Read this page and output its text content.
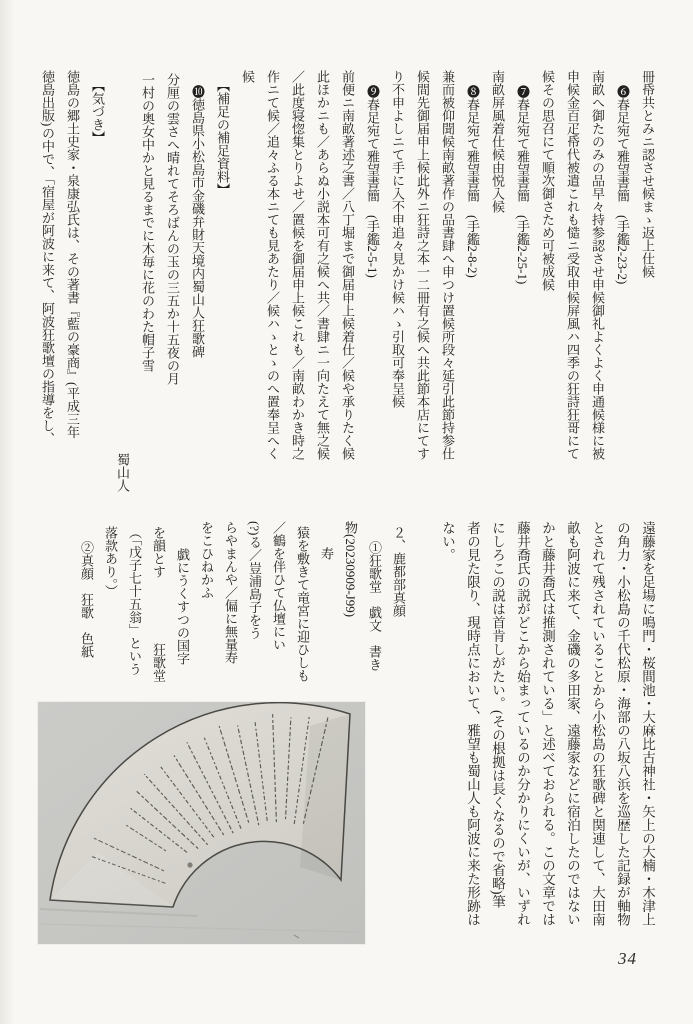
冊帋共とみニ認させ候まゝ返上仕候

❻春足宛て雅望書簡　(手鑑2-23-2)

南畝へ御たのみの品早々持参認させ申候御礼よくよく申通候様に被

申候金百疋帋代被遣これも慥ニ受取申候屏風ハ四季の狂詩狂哥にて

候その思召にて順次御さため可被成候

❼春足宛て雅望書簡　(手鑑2-25-1)

南畝屏風着仕候由悦入候

❽春足宛て雅望書簡　(手鑑2-8-2)

兼而被仰聞候南畝著作の品書肆へ申つけ置候所段々延引此節持参仕

候間先御届申上候此外ニ狂詩之本一二冊有之候へ共此節本店にてす

り不申よしニて手に入不申追々見かけ候ハゝ引取可奉呈候

❾春足宛て雅望書簡　(手鑑2-5-1)

前便ニ南畝著述之書／八丁堀まで御届申上候着仕／候や承りたく候

此ほかニも／あらぬ小説本可有之候へ共／書肆ニ一向たえて無之候

／此度寝惚集とりよせ／置候を御届申上候これも／南畝わかき時之

作ニて候／追々ふる本ニても見あたり／候ハゝとゝのへ置奉呈へく

候

【補足の補足資料】

❿徳島県小松島市金磯弁財天境内蜀山人狂歌碑

分厘の雲さへ晴れてそろばんの玉の三五か十五夜の月

一村の奥女中かと見るまでに木毎に花のわた帽子雪

蜀山人

【気づき】

徳島の郷土史家・泉康弘氏は、その著書『藍の豪商』(平成三年

徳島出版)の中で、「宿屋が阿波に来て、阿波狂歌壇の指導をし、

遠藤家を足場に鳴門・桜間池・大麻比古神社・矢上の大楠・木津上

の角力・小松島の千代松原・海部の八坂八浜を巡歴した記録が軸物

とされて残されていることから小松島の狂歌碑と関連して、大田南

畝も阿波に来て、金磯の多田家、遠藤家などに宿泊したのではない

かと藤井喬氏は推測されている」と述べておられる。この文章では

藤井喬氏の説がどこから始まっているのか分かりにくいが、いずれ

にしろこの説は首肯しがたい。(その根拠は長くなるので省略)筆

者の見た限り、現時点において、雅望も蜀山人も阿波に来た形跡は

ない。

２、鹿都部真顔

①狂歌堂　戯文　書き

物(20230909-J99)

寿

猿を敷きて竜宮に迎ひしも

／鶴を伴ひて仏壇にい

(?)る／豈浦島子をう

らやまんや／偏に無量寿

をこひねかふ

戯にうくすつの国字

を韻とす　　　　　狂歌堂

（「戊子七十五翁」という

落款あり。）

②真顔　狂歌　色紙

34
